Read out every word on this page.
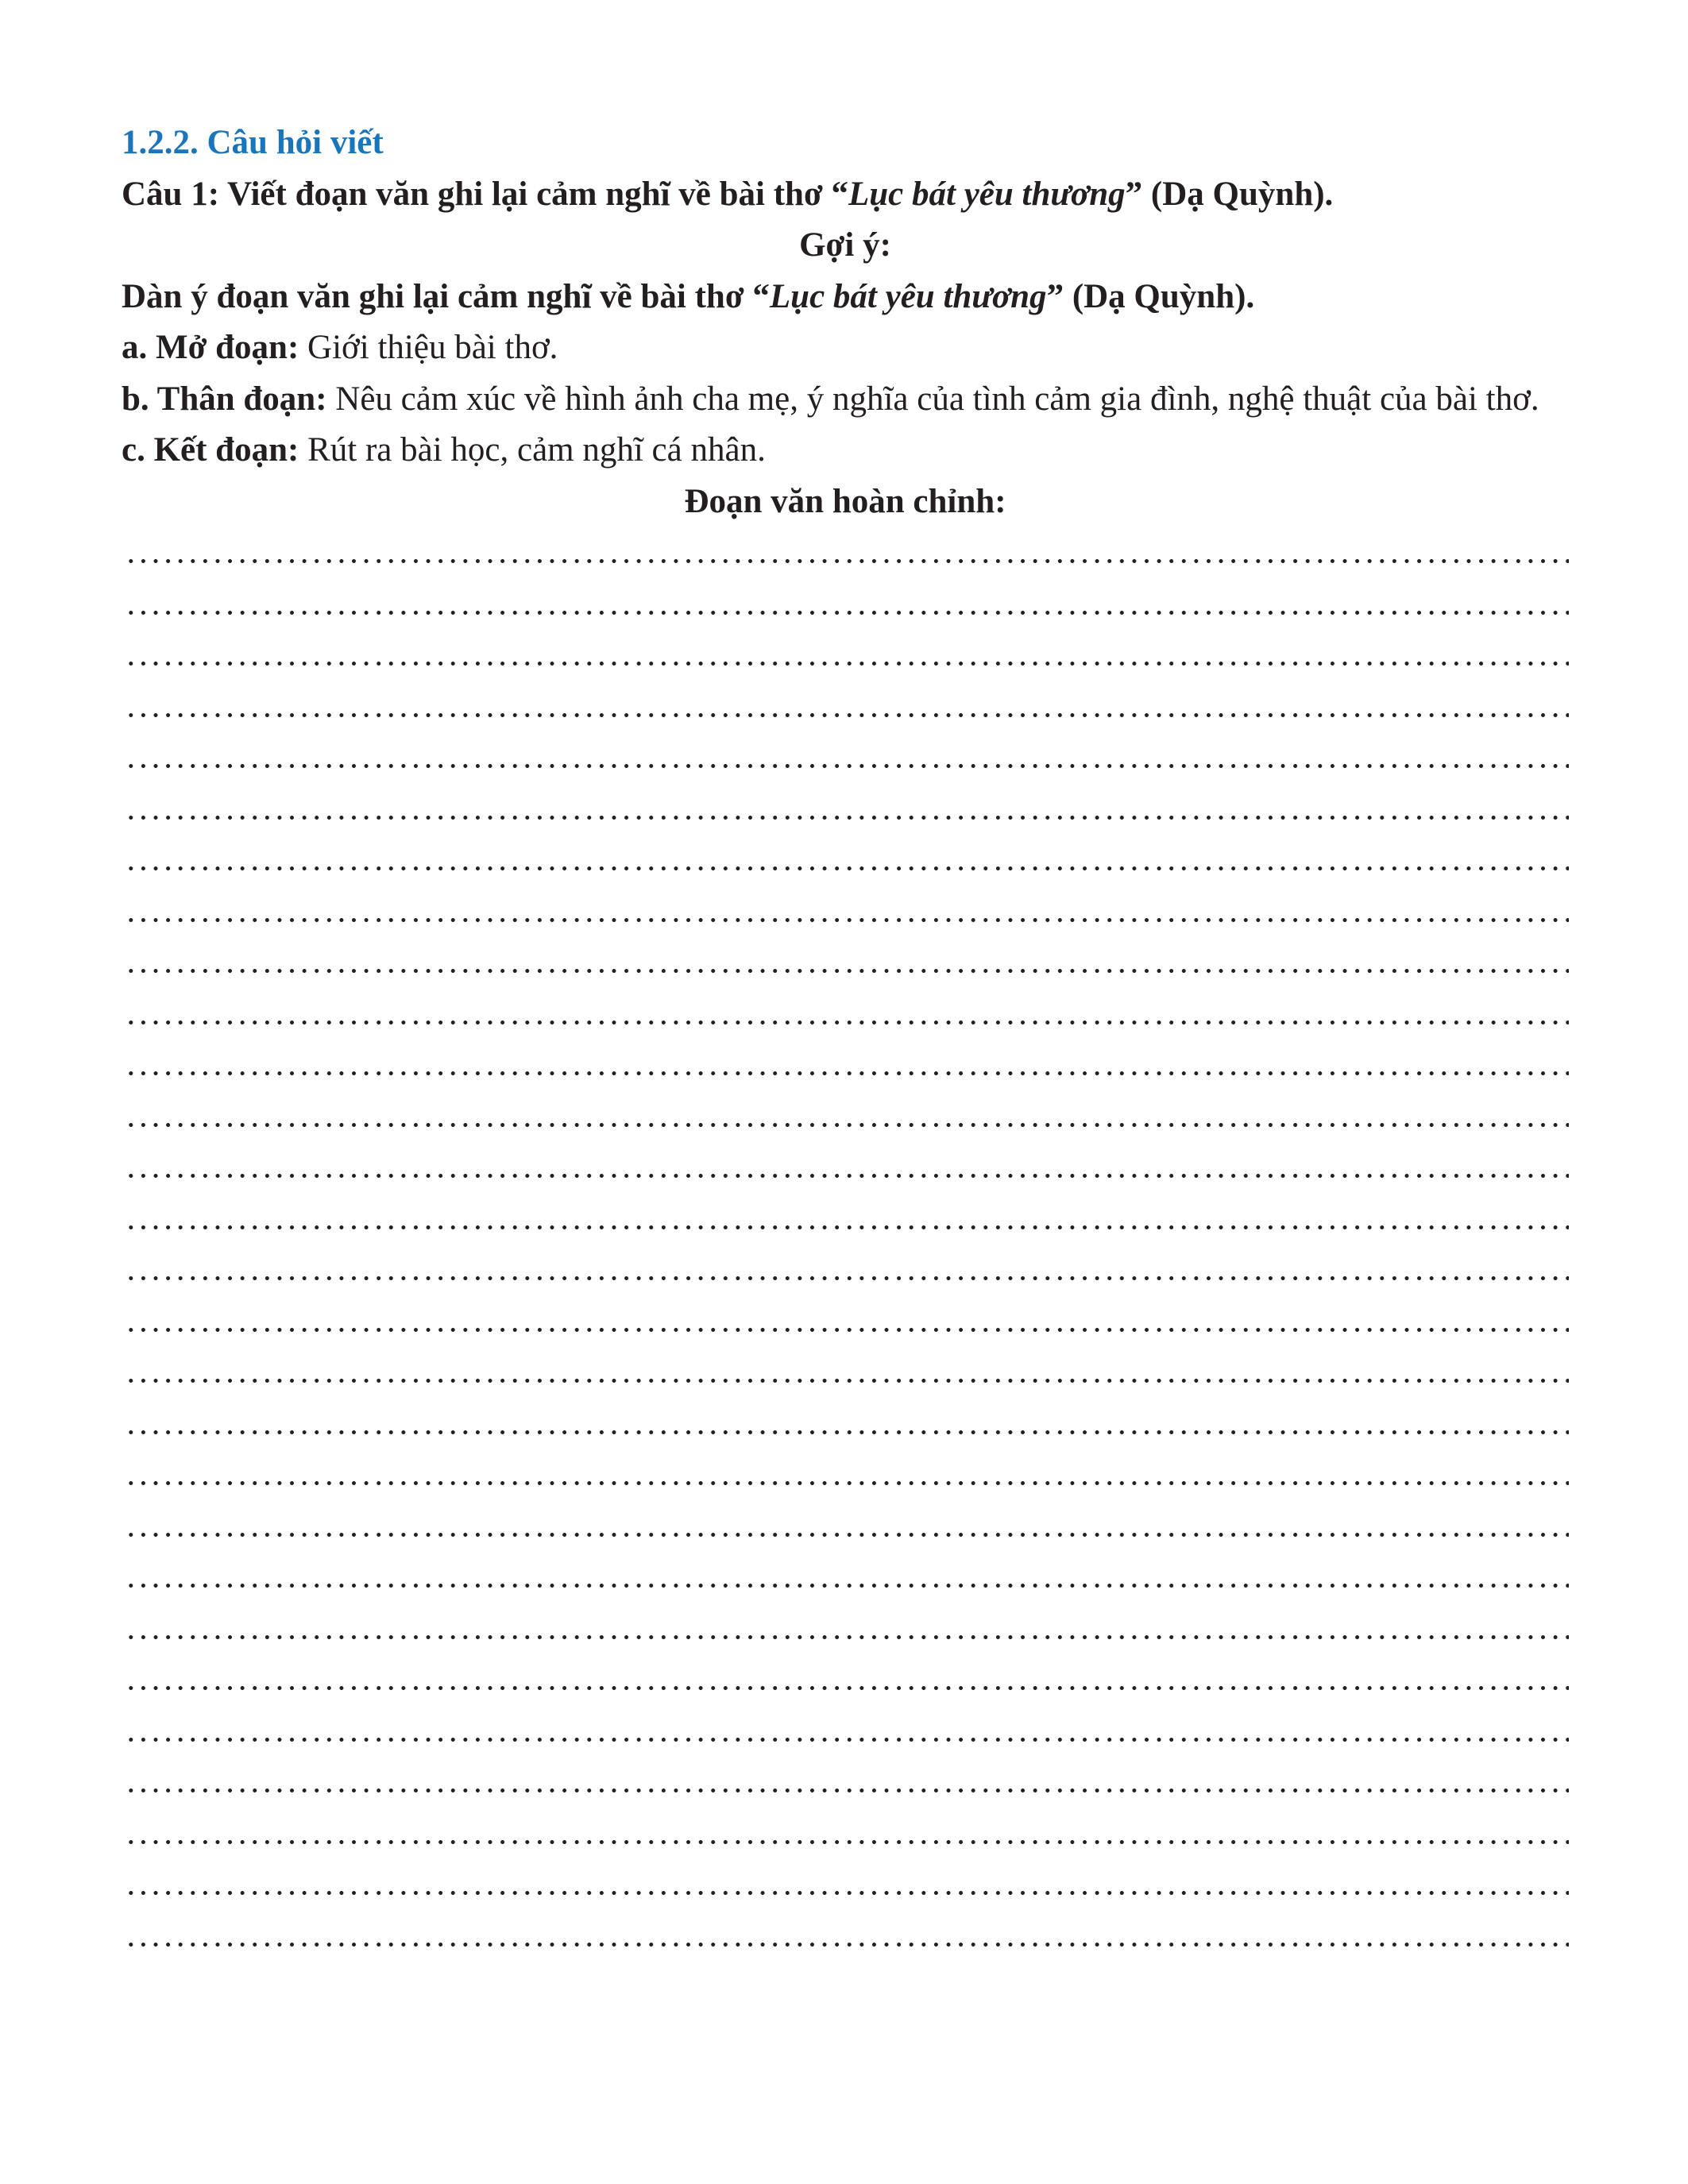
1.2.2. Câu hỏi viết
Câu 1: Viết đoạn văn ghi lại cảm nghĩ về bài thơ “Lục bát yêu thương” (Dạ Quỳnh).
Gợi ý:
Dàn ý đoạn văn ghi lại cảm nghĩ về bài thơ “Lục bát yêu thương” (Dạ Quỳnh).
a. Mở đoạn: Giới thiệu bài thơ.
b. Thân đoạn: Nêu cảm xúc về hình ảnh cha mẹ, ý nghĩa của tình cảm gia đình, nghệ thuật của bài thơ.
c. Kết đoạn: Rút ra bài học, cảm nghĩ cá nhân.
Đoạn văn hoàn chỉnh:
